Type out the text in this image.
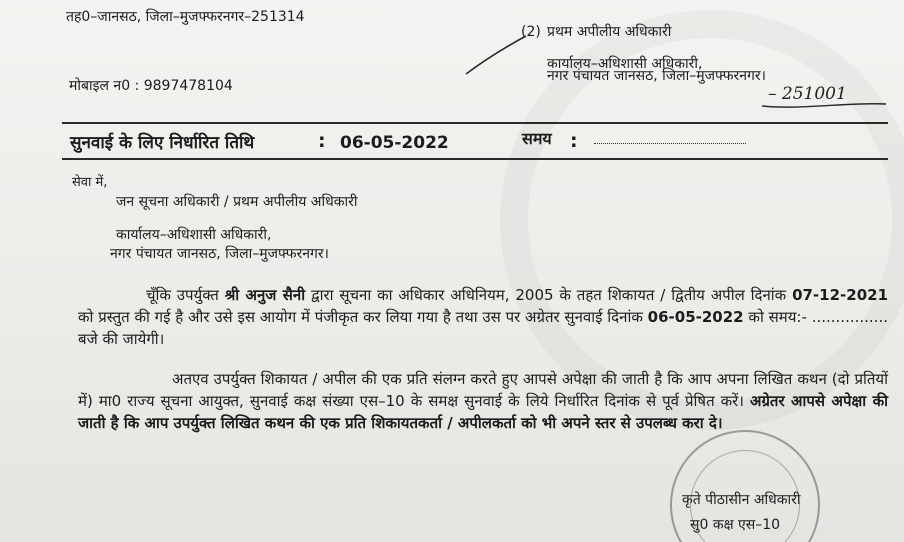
तह0–जानसठ, जिला–मुजफ्फरनगर–251314
मोबाइल न0 : 9897478104
(2) प्रथम अपीलीय अधिकारी
कार्यालय–अधिशासी अधिकारी,
नगर पंचायत जानसठ, जिला–मुजफ्फरनगर।
– 251001
सुनवाई के लिए निर्धारित तिथि	: 06-05-2022	समय :
सेवा में,
जन सूचना अधिकारी / प्रथम अपीलीय अधिकारी
कार्यालय–अधिशासी अधिकारी,
नगर पंचायत जानसठ, जिला–मुजफ्फरनगर।

चूँकि उपर्युक्त श्री अनुज सैनी द्वारा सूचना का अधिकार अधिनियम, 2005 के तहत शिकायत / द्वितीय अपील दिनांक 07-12-2021 को प्रस्तुत की गई है और उसे इस आयोग में पंजीकृत कर लिया गया है तथा उस पर अग्रेतर सुनवाई दिनांक 06-05-2022 को समय:- ................ बजे की जायेगी।

अतएव उपर्युक्त शिकायत / अपील की एक प्रति संलग्न करते हुए आपसे अपेक्षा की जाती है कि आप अपना लिखित कथन (दो प्रतियों में) मा0 राज्य सूचना आयुक्त, सुनवाई कक्ष संख्या एस–10 के समक्ष सुनवाई के लिये निर्धारित दिनांक से पूर्व प्रेषित करें। अग्रेतर आपसे अपेक्षा की जाती है कि आप उपर्युक्त लिखित कथन की एक प्रति शिकायतकर्ता / अपीलकर्ता को भी अपने स्तर से उपलब्ध करा दे।

कृते पीठासीन अधिकारी
सु0 कक्ष एस–10
